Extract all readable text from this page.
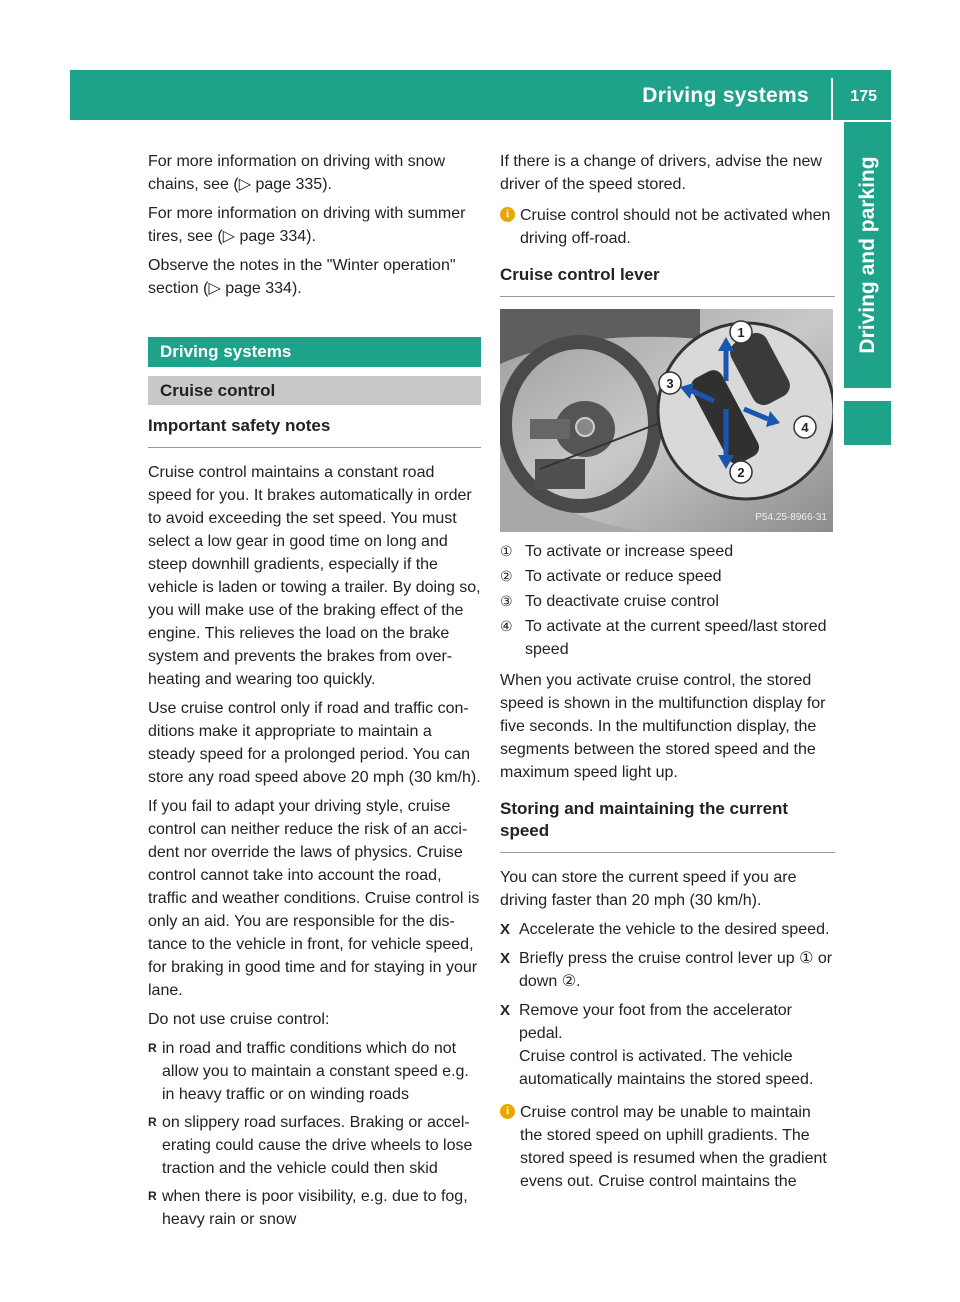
Driving systems	175
Driving and parking

For more information on driving with snow chains, see (▷ page 335).

For more information on driving with summer tires, see (▷ page 334).

Observe the notes in the "Winter operation" section (▷ page 334).

Driving systems
Cruise control
Important safety notes

Cruise control maintains a constant road speed for you. It brakes automatically in order to avoid exceeding the set speed. You must select a low gear in good time on long and steep downhill gradients, especially if the vehicle is laden or towing a trailer. By doing so, you will make use of the braking effect of the engine. This relieves the load on the brake system and prevents the brakes from over-heating and wearing too quickly.

Use cruise control only if road and traffic con-ditions make it appropriate to maintain a steady speed for a prolonged period. You can store any road speed above 20 mph (30 km/h).

If you fail to adapt your driving style, cruise control can neither reduce the risk of an acci-dent nor override the laws of physics. Cruise control cannot take into account the road, traffic and weather conditions. Cruise control is only an aid. You are responsible for the dis-tance to the vehicle in front, for vehicle speed, for braking in good time and for staying in your lane.

Do not use cruise control:

R in road and traffic conditions which do not allow you to maintain a constant speed e.g. in heavy traffic or on winding roads
R on slippery road surfaces. Braking or accel-erating could cause the drive wheels to lose traction and the vehicle could then skid
R when there is poor visibility, e.g. due to fog, heavy rain or snow

If there is a change of drivers, advise the new driver of the speed stored.

i Cruise control should not be activated when driving off-road.
Cruise control lever
1
3
4
2
P54.25-8966-31
① To activate or increase speed
② To activate or reduce speed
③ To deactivate cruise control
④ To activate at the current speed/last stored speed

When you activate cruise control, the stored speed is shown in the multifunction display for five seconds. In the multifunction display, the segments between the stored speed and the maximum speed light up.

Storing and maintaining the current speed

You can store the current speed if you are driving faster than 20 mph (30 km/h).

X Accelerate the vehicle to the desired speed.
X Briefly press the cruise control lever up ① or down ②.
X Remove your foot from the accelerator pedal.
Cruise control is activated. The vehicle automatically maintains the stored speed.
i Cruise control may be unable to maintain the stored speed on uphill gradients. The stored speed is resumed when the gradient evens out. Cruise control maintains the
